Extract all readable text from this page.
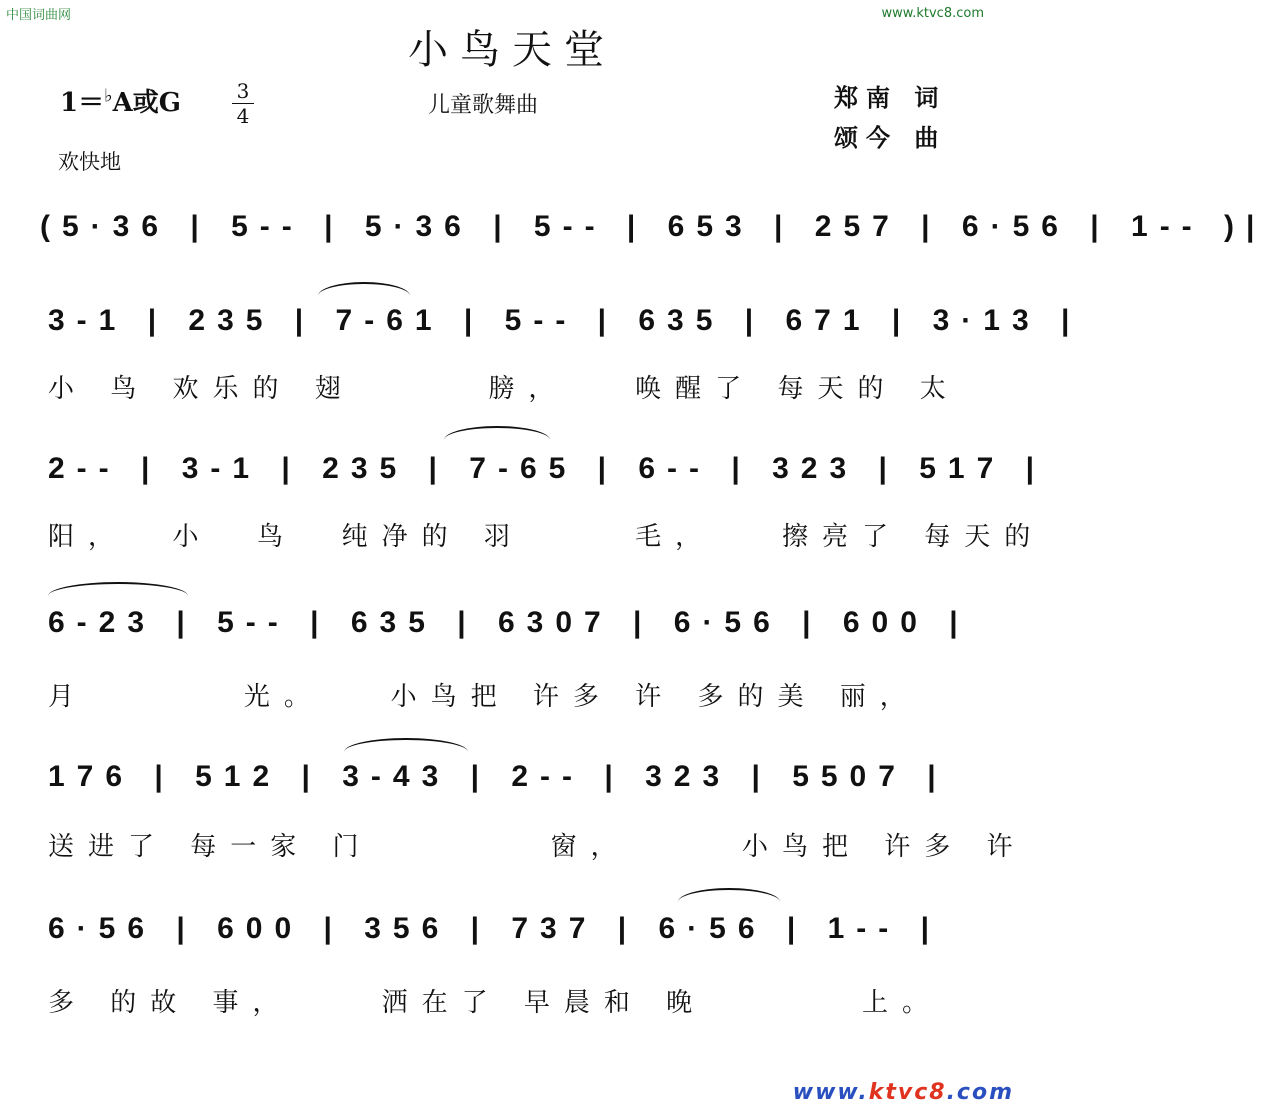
中国词曲网	www.ktvc8.com
小鸟天堂
1＝♭A或G	3
4	儿童歌舞曲	郑南 词
颂今 曲
欢快地
(5·36 | 5-- | 5·36 | 5-- | 653 | 257 | 6·56 | 1-- )|
3-1 | 235 | 7-61 | 5-- | 635 | 671 | 3·13 |
小 鸟 欢乐的 翅      膀，   唤醒了 每天的 太
2-- | 3-1 | 235 | 7-65 | 6-- | 323 | 517 |
阳，  小  鸟  纯净的 羽     毛，   擦亮了 每天的
6-23 | 5-- | 635 | 6307 | 6·56 | 600 |
月       光。   小鸟把 许多 许 多的美 丽，
176 | 512 | 3-43 | 2-- | 323 | 5507 |
送进了 每一家 门        窗，     小鸟把 许多 许
6·56 | 600 | 356 | 737 | 6·56 | 1-- |
多 的故 事，    洒在了 早晨和 晚       上。
www.ktvc8.com
